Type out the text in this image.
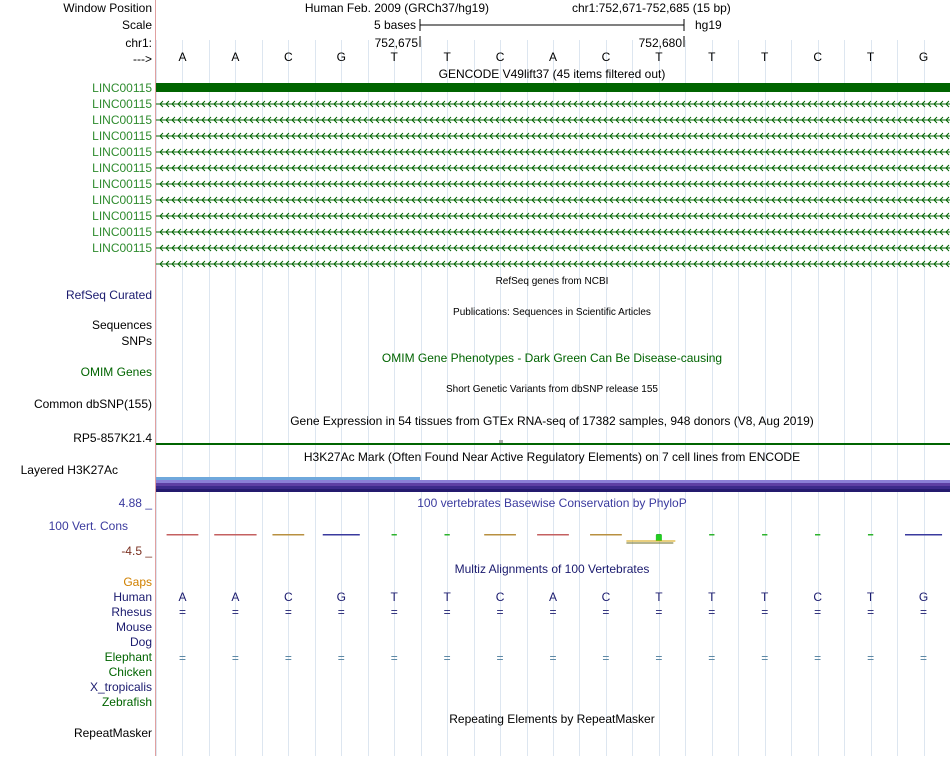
Window Position
Scale
chr1:
--->
LINC00115
LINC00115
LINC00115
LINC00115
LINC00115
LINC00115
LINC00115
LINC00115
LINC00115
LINC00115
LINC00115
RefSeq Curated
Sequences
SNPs
OMIM Genes
Common dbSNP(155)
RP5-857K21.4
Layered H3K27Ac
4.88 _
100 Vert. Cons
-4.5 _
Gaps
Human
Rhesus
Mouse
Dog
Elephant
Chicken
X_tropicalis
Zebrafish
RepeatMasker
Human Feb. 2009 (GRCh37/hg19)	chr1:752,671-752,685 (15 bp)
5 bases	hg19
752,675	752,680
A	A	C	G	T	T	C	A	C	T	T	T	C	T	G
GENCODE V49lift37 (45 items filtered out)
RefSeq genes from NCBI
Publications: Sequences in Scientific Articles
OMIM Gene Phenotypes - Dark Green Can Be Disease-causing
Short Genetic Variants from dbSNP release 155
Gene Expression in 54 tissues from GTEx RNA-seq of 17382 samples, 948 donors (V8, Aug 2019)
H3K27Ac Mark (Often Found Near Active Regulatory Elements) on 7 cell lines from ENCODE
100 vertebrates Basewise Conservation by PhyloP
Multiz Alignments of 100 Vertebrates
A	A	C	G	T	T	C	A	C	T	T	T	C	T	G
=	=	=	=	=	=	=	=	=	=	=	=	=	=	=
=	=	=	=	=	=	=	=	=	=	=	=	=	=	=
Repeating Elements by RepeatMasker
